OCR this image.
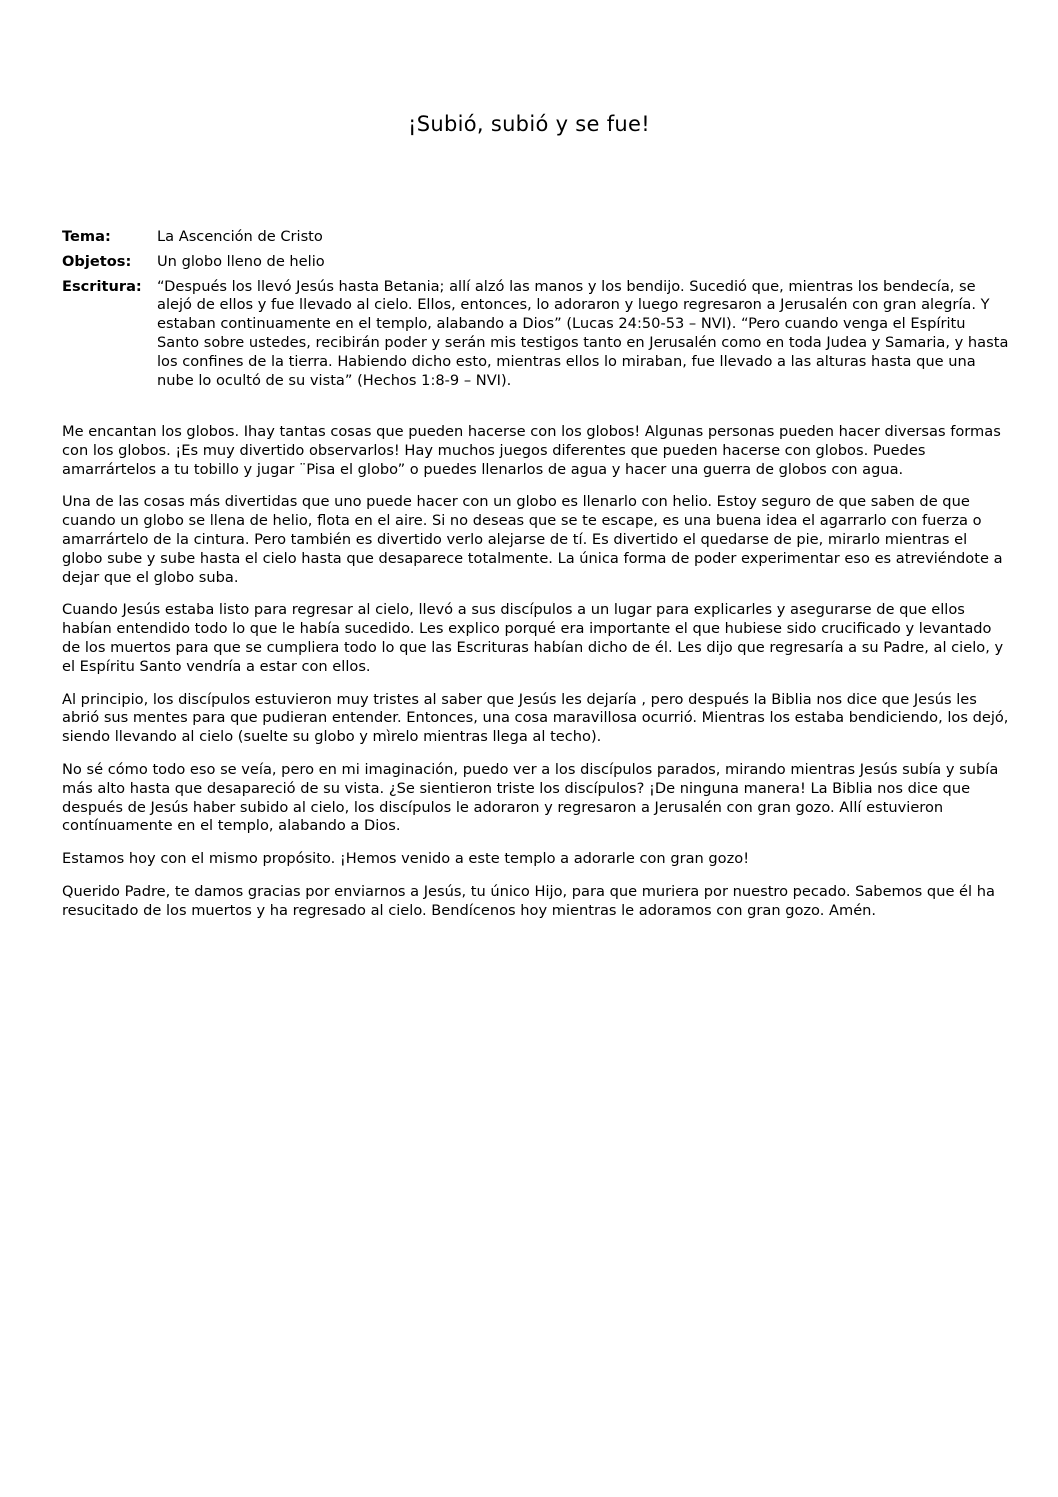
¡Subió, subió y se fue!
Tema:	La Ascención de Cristo
Objetos:	Un globo lleno de helio
Escritura:	“Después los llevó Jesús hasta Betania; allí alzó las manos y los bendijo. Sucedió que, mientras los bendecía, se alejó de ellos y fue llevado al cielo. Ellos, entonces, lo adoraron y luego regresaron a Jerusalén con gran alegría. Y estaban continuamente en el templo, alabando a Dios” (Lucas 24:50-53 – NVI). “Pero cuando venga el Espíritu Santo sobre ustedes, recibirán poder y serán mis testigos tanto en Jerusalén como en toda Judea y Samaria, y hasta los confines de la tierra. Habiendo dicho esto, mientras ellos lo miraban, fue llevado a las alturas hasta que una nube lo ocultó de su vista” (Hechos 1:8-9 – NVI).

Me encantan los globos. Ihay tantas cosas que pueden hacerse con los globos! Algunas personas pueden hacer diversas formas con los globos. ¡Es muy divertido observarlos! Hay muchos juegos diferentes que pueden hacerse con globos. Puedes amarrártelos a tu tobillo y jugar ¨Pisa el globo” o puedes llenarlos de agua y hacer una guerra de globos con agua.

Una de las cosas más divertidas que uno puede hacer con un globo es llenarlo con helio. Estoy seguro de que saben de que cuando un globo se llena de helio, flota en el aire. Si no deseas que se te escape, es una buena idea el agarrarlo con fuerza o amarrártelo de la cintura. Pero también es divertido verlo alejarse de tí. Es divertido el quedarse de pie, mirarlo mientras el globo sube y sube hasta el cielo hasta que desaparece totalmente. La única forma de poder experimentar eso es atreviéndote a dejar que el globo suba.

Cuando Jesús estaba listo para regresar al cielo, llevó a sus discípulos a un lugar para explicarles y asegurarse de que ellos habían entendido todo lo que le había sucedido. Les explico porqué era importante el que hubiese sido crucificado y levantado de los muertos para que se cumpliera todo lo que las Escrituras habían dicho de él. Les dijo que regresaría a su Padre, al cielo, y el Espíritu Santo vendría a estar con ellos.

Al principio, los discípulos estuvieron muy tristes al saber que Jesús les dejaría , pero después la Biblia nos dice que Jesús les abrió sus mentes para que pudieran entender. Entonces, una cosa maravillosa ocurrió. Mientras los estaba bendiciendo, los dejó, siendo llevando al cielo (suelte su globo y mìrelo mientras llega al techo).

No sé cómo todo eso se veía, pero en mi imaginación, puedo ver a los discípulos parados, mirando mientras Jesús subía y subía más alto hasta que desapareció de su vista. ¿Se sientieron triste los discípulos? ¡De ninguna manera! La Biblia nos dice que después de Jesús haber subido al cielo, los discípulos le adoraron y regresaron a Jerusalén con gran gozo. Allí estuvieron contínuamente en el templo, alabando a Dios.

Estamos hoy con el mismo propósito. ¡Hemos venido a este templo a adorarle con gran gozo!

Querido Padre, te damos gracias por enviarnos a Jesús, tu único Hijo, para que muriera por nuestro pecado. Sabemos que él ha resucitado de los muertos y ha regresado al cielo. Bendícenos hoy mientras le adoramos con gran gozo. Amén.
